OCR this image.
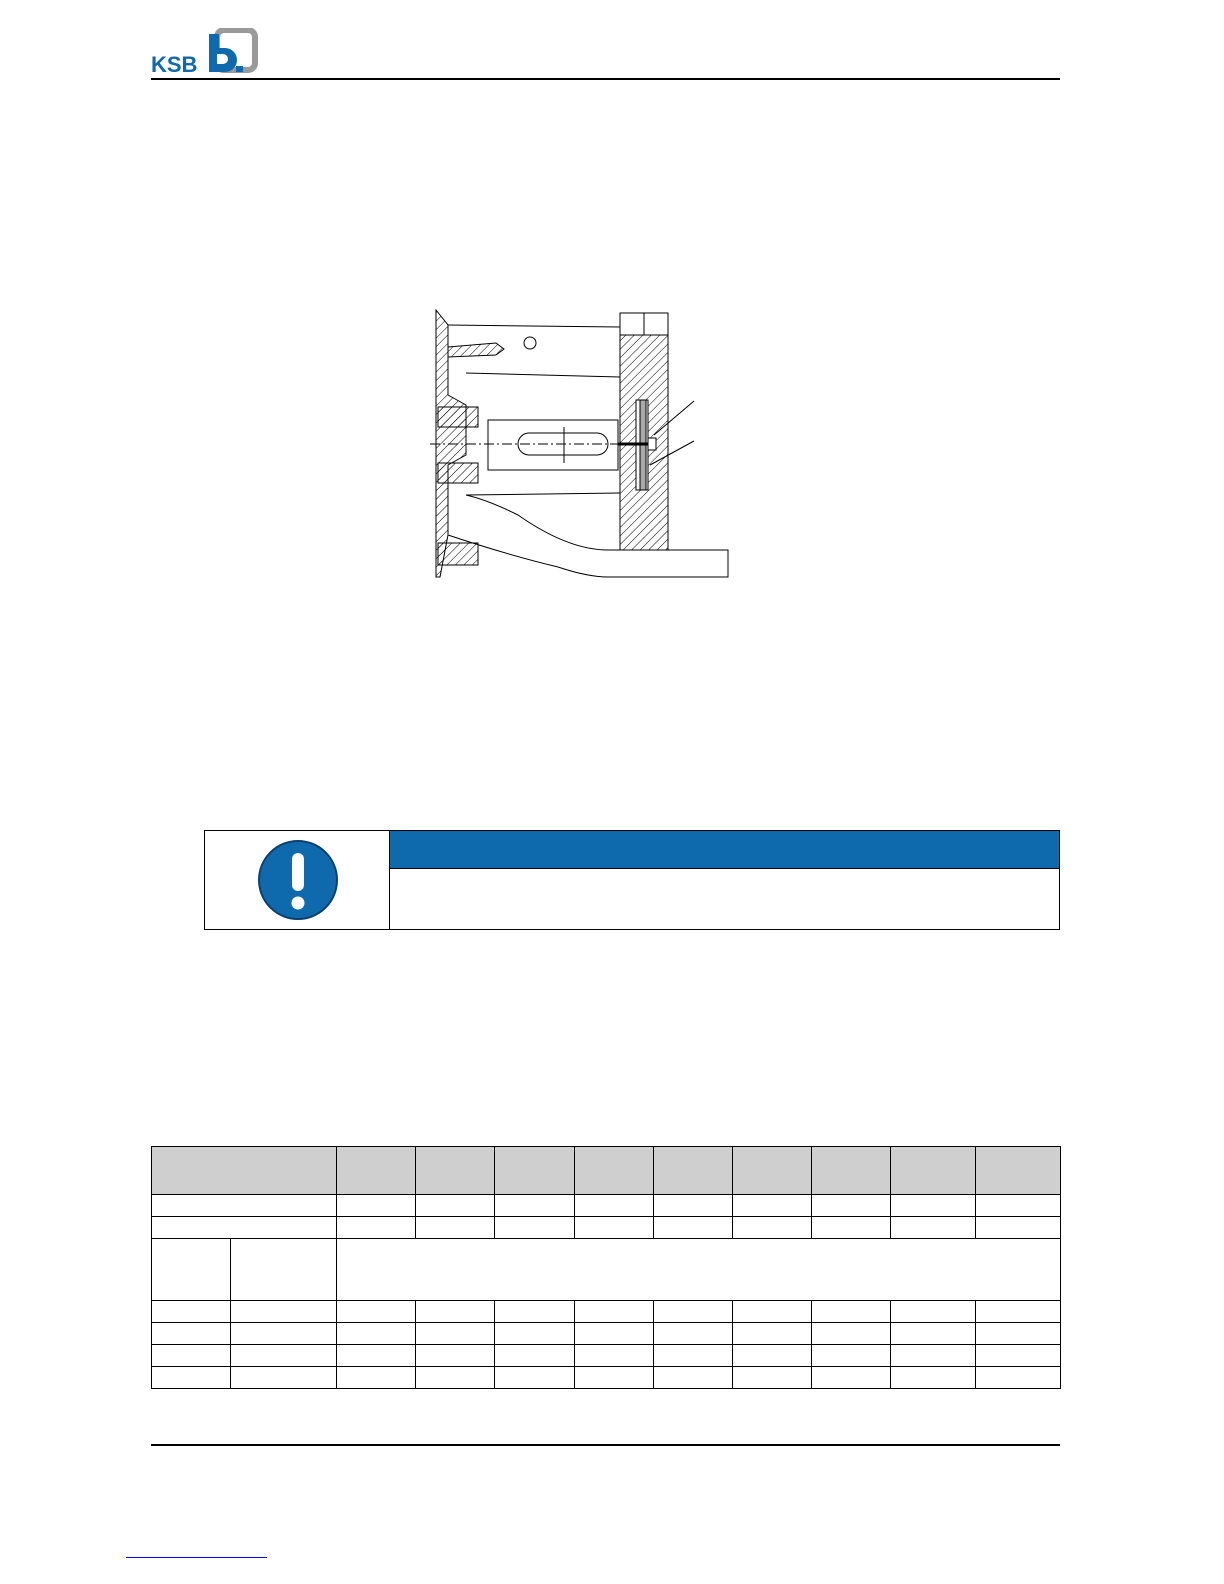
KSB
